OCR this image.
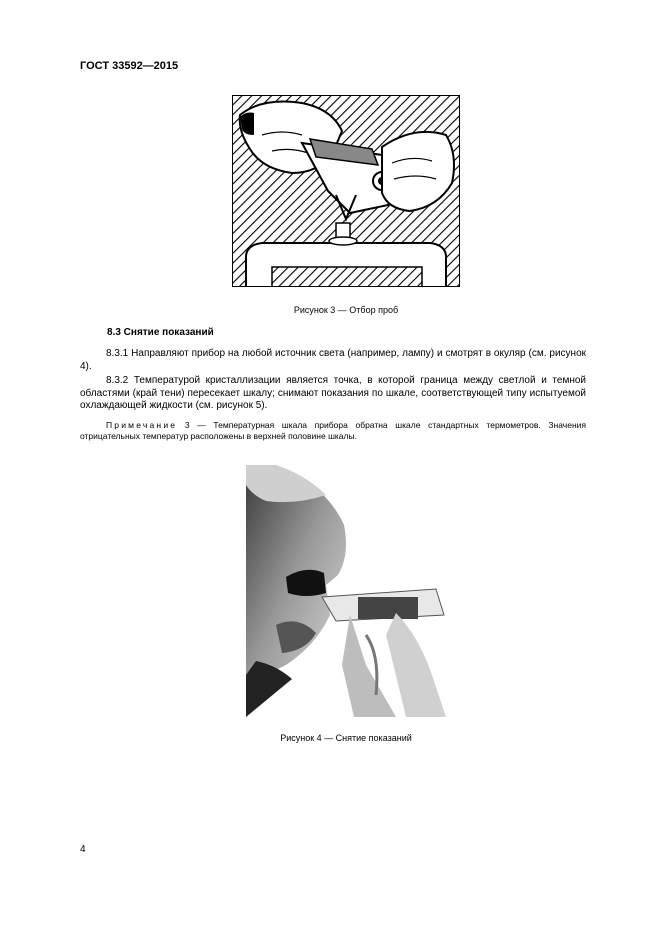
ГОСТ 33592—2015
Рисунок 3 — Отбор проб
8.3 Снятие показаний
8.3.1 Направляют прибор на любой источник света (например, лампу) и смотрят в окуляр (см. рисунок 4).
8.3.2 Температурой кристаллизации является точка, в которой граница между светлой и темной областями (край тени) пересекает шкалу; снимают показания по шкале, соответствующей типу испытуемой охлаждающей жидкости (см. рисунок 5).
Примечание 3 — Температурная шкала прибора обратна шкале стандартных термометров. Значения отрицательных температур расположены в верхней половине шкалы.
Рисунок 4 — Снятие показаний
4
